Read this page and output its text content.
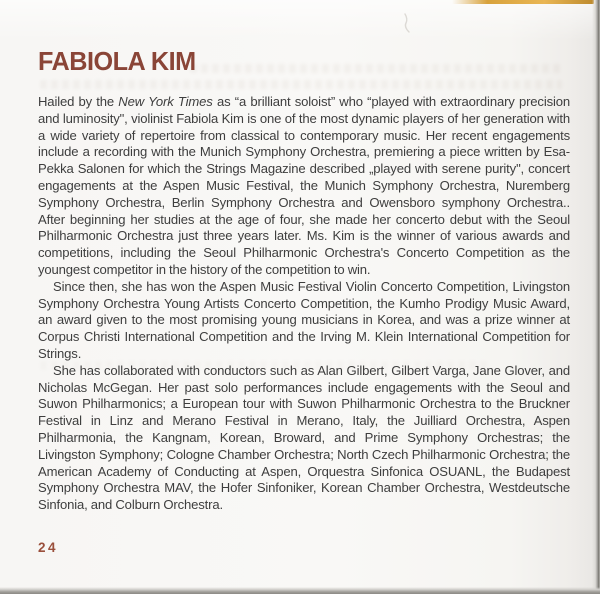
FABIOLA KIM

Hailed by the New York Times as “a brilliant soloist” who “played with extraordinary precision and luminosity", violinist Fabiola Kim is one of the most dynamic players of her generation with a wide variety of repertoire from classical to contemporary music. Her recent engagements include a recording with the Munich Symphony Orchestra, premiering a piece written by Esa-Pekka Salonen for which the Strings Magazine described „played with serene purity", concert engagements at the Aspen Music Festival, the Munich Symphony Orchestra, Nuremberg Symphony Orchestra, Berlin Symphony Orchestra and Owensboro symphony Orchestra.. After beginning her studies at the age of four, she made her concerto debut with the Seoul Philharmonic Orchestra just three years later. Ms. Kim is the winner of various awards and competitions, including the Seoul Philharmonic Orchestra's Concerto Competition as the youngest competitor in the history of the competition to win.

Since then, she has won the Aspen Music Festival Violin Concerto Competition, Livingston Symphony Orchestra Young Artists Concerto Competition, the Kumho Prodigy Music Award, an award given to the most promising young musicians in Korea, and was a prize winner at Corpus Christi International Competition and the Irving M. Klein International Competition for Strings.

She has collaborated with conductors such as Alan Gilbert, Gilbert Varga, Jane Glover, and Nicholas McGegan. Her past solo performances include engagements with the Seoul and Suwon Philharmonics; a European tour with Suwon Philharmonic Orchestra to the Bruckner Festival in Linz and Merano Festival in Merano, Italy, the Juilliard Orchestra, Aspen Philharmonia, the Kangnam, Korean, Broward, and Prime Symphony Orchestras; the Livingston Symphony; Cologne Chamber Orchestra; North Czech Philharmonic Orchestra; the American Academy of Conducting at Aspen, Orquestra Sinfonica OSUANL, the Budapest Symphony Orchestra MAV, the Hofer Sinfoniker, Korean Chamber Orchestra, Westdeutsche Sinfonia, and Colburn Orchestra.

24
